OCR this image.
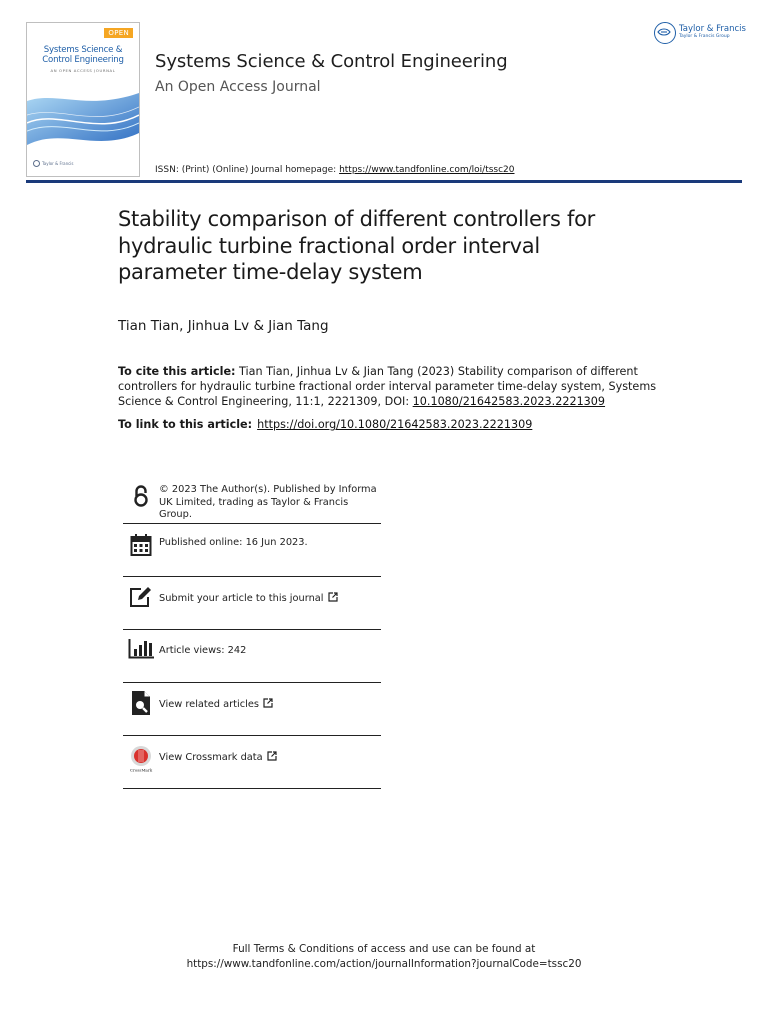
OPEN
Systems Science & Control Engineering
AN OPEN ACCESS JOURNAL
Taylor & Francis
Systems Science & Control Engineering
An Open Access Journal
ISSN: (Print) (Online) Journal homepage: https://www.tandfonline.com/loi/tssc20
Taylor & Francis
Taylor & Francis Group
Stability comparison of different controllers for hydraulic turbine fractional order interval parameter time-delay system
Tian Tian, Jinhua Lv & Jian Tang

To cite this article: Tian Tian, Jinhua Lv & Jian Tang (2023) Stability comparison of different controllers for hydraulic turbine fractional order interval parameter time-delay system, Systems Science & Control Engineering, 11:1, 2221309, DOI: 10.1080/21642583.2023.2221309

To link to this article: https://doi.org/10.1080/21642583.2023.2221309

© 2023 The Author(s). Published by Informa UK Limited, trading as Taylor & Francis Group.
Published online: 16 Jun 2023.
Submit your article to this journal
Article views: 242
View related articles
CrossMark
View Crossmark data
Full Terms & Conditions of access and use can be found at
https://www.tandfonline.com/action/journalInformation?journalCode=tssc20
